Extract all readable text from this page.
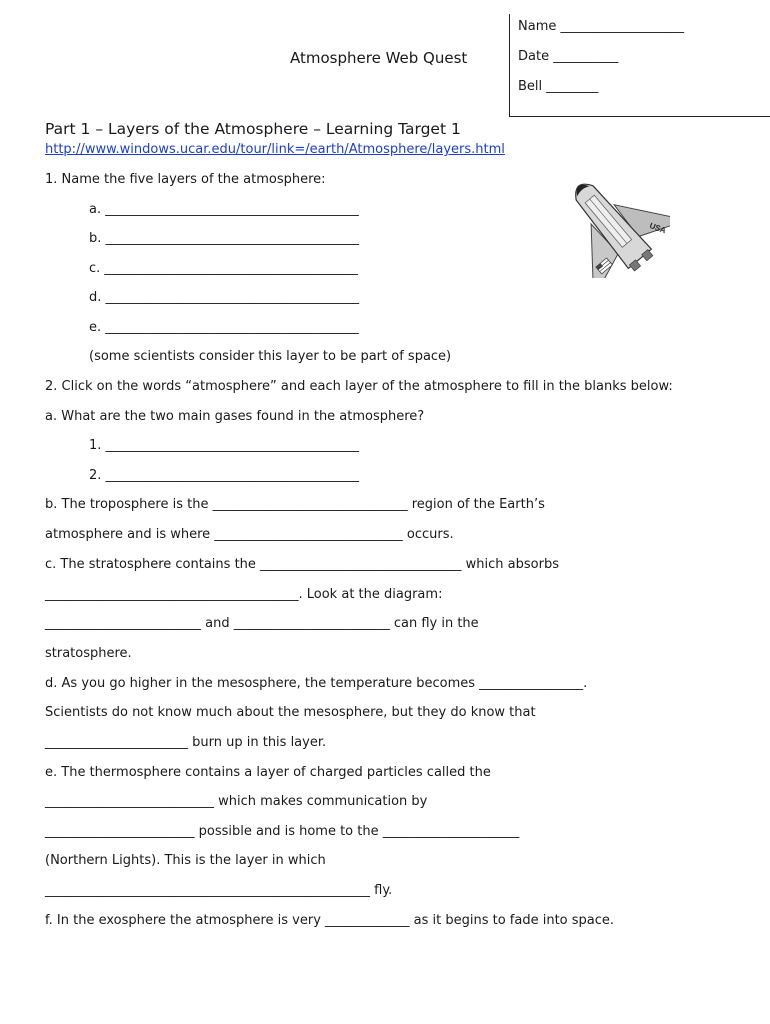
Name ___________________
Date __________
Bell ________
Atmosphere Web Quest
Part 1 – Layers of the Atmosphere – Learning Target 1
http://www.windows.ucar.edu/tour/link=/earth/Atmosphere/layers.html
1. Name the five layers of the atmosphere:
a. _______________________________________
b. _______________________________________
c. _______________________________________
d. _______________________________________
e. _______________________________________
(some scientists consider this layer to be part of space)
USA
2. Click on the words “atmosphere” and each layer of the atmosphere to fill in the blanks below:
a. What are the two main gases found in the atmosphere?
1. _______________________________________
2. _______________________________________
b. The troposphere is the ______________________________ region of the Earth’s
atmosphere and is where _____________________________ occurs.
c. The stratosphere contains the _______________________________ which absorbs
_______________________________________. Look at the diagram:
________________________ and ________________________ can fly in the
stratosphere.
d. As you go higher in the mesosphere, the temperature becomes ________________.
Scientists do not know much about the mesosphere, but they do know that
______________________ burn up in this layer.
e. The thermosphere contains a layer of charged particles called the
__________________________ which makes communication by
_______________________ possible and is home to the _____________________
(Northern Lights). This is the layer in which
__________________________________________________ fly.
f. In the exosphere the atmosphere is very _____________ as it begins to fade into space.
